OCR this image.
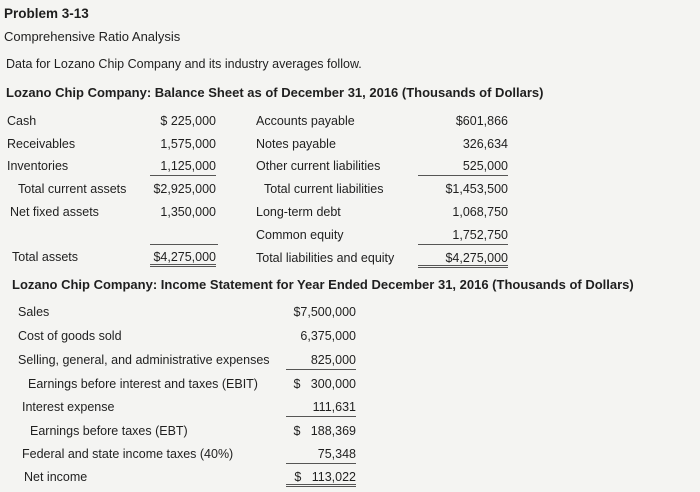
Problem 3-13
Comprehensive Ratio Analysis
Data for Lozano Chip Company and its industry averages follow.
Lozano Chip Company: Balance Sheet as of December 31, 2016 (Thousands of Dollars)
Cash
Receivables
Inventories
Total current assets
Net fixed assets
Total assets
$ 225,000
1,575,000
1,125,000
$2,925,000
1,350,000
$4,275,000
Accounts payable
Notes payable
Other current liabilities
Total current liabilities
Long-term debt
Common equity
Total liabilities and equity
$601,866
326,634
525,000
$1,453,500
1,068,750
1,752,750
$4,275,000
Lozano Chip Company: Income Statement for Year Ended December 31, 2016 (Thousands of Dollars)
Sales
Cost of goods sold
Selling, general, and administrative expenses
Earnings before interest and taxes (EBIT)
Interest expense
Earnings before taxes (EBT)
Federal and state income taxes (40%)
Net income
$7,500,000
6,375,000
825,000
$   300,000
111,631
$   188,369
75,348
$   113,022
